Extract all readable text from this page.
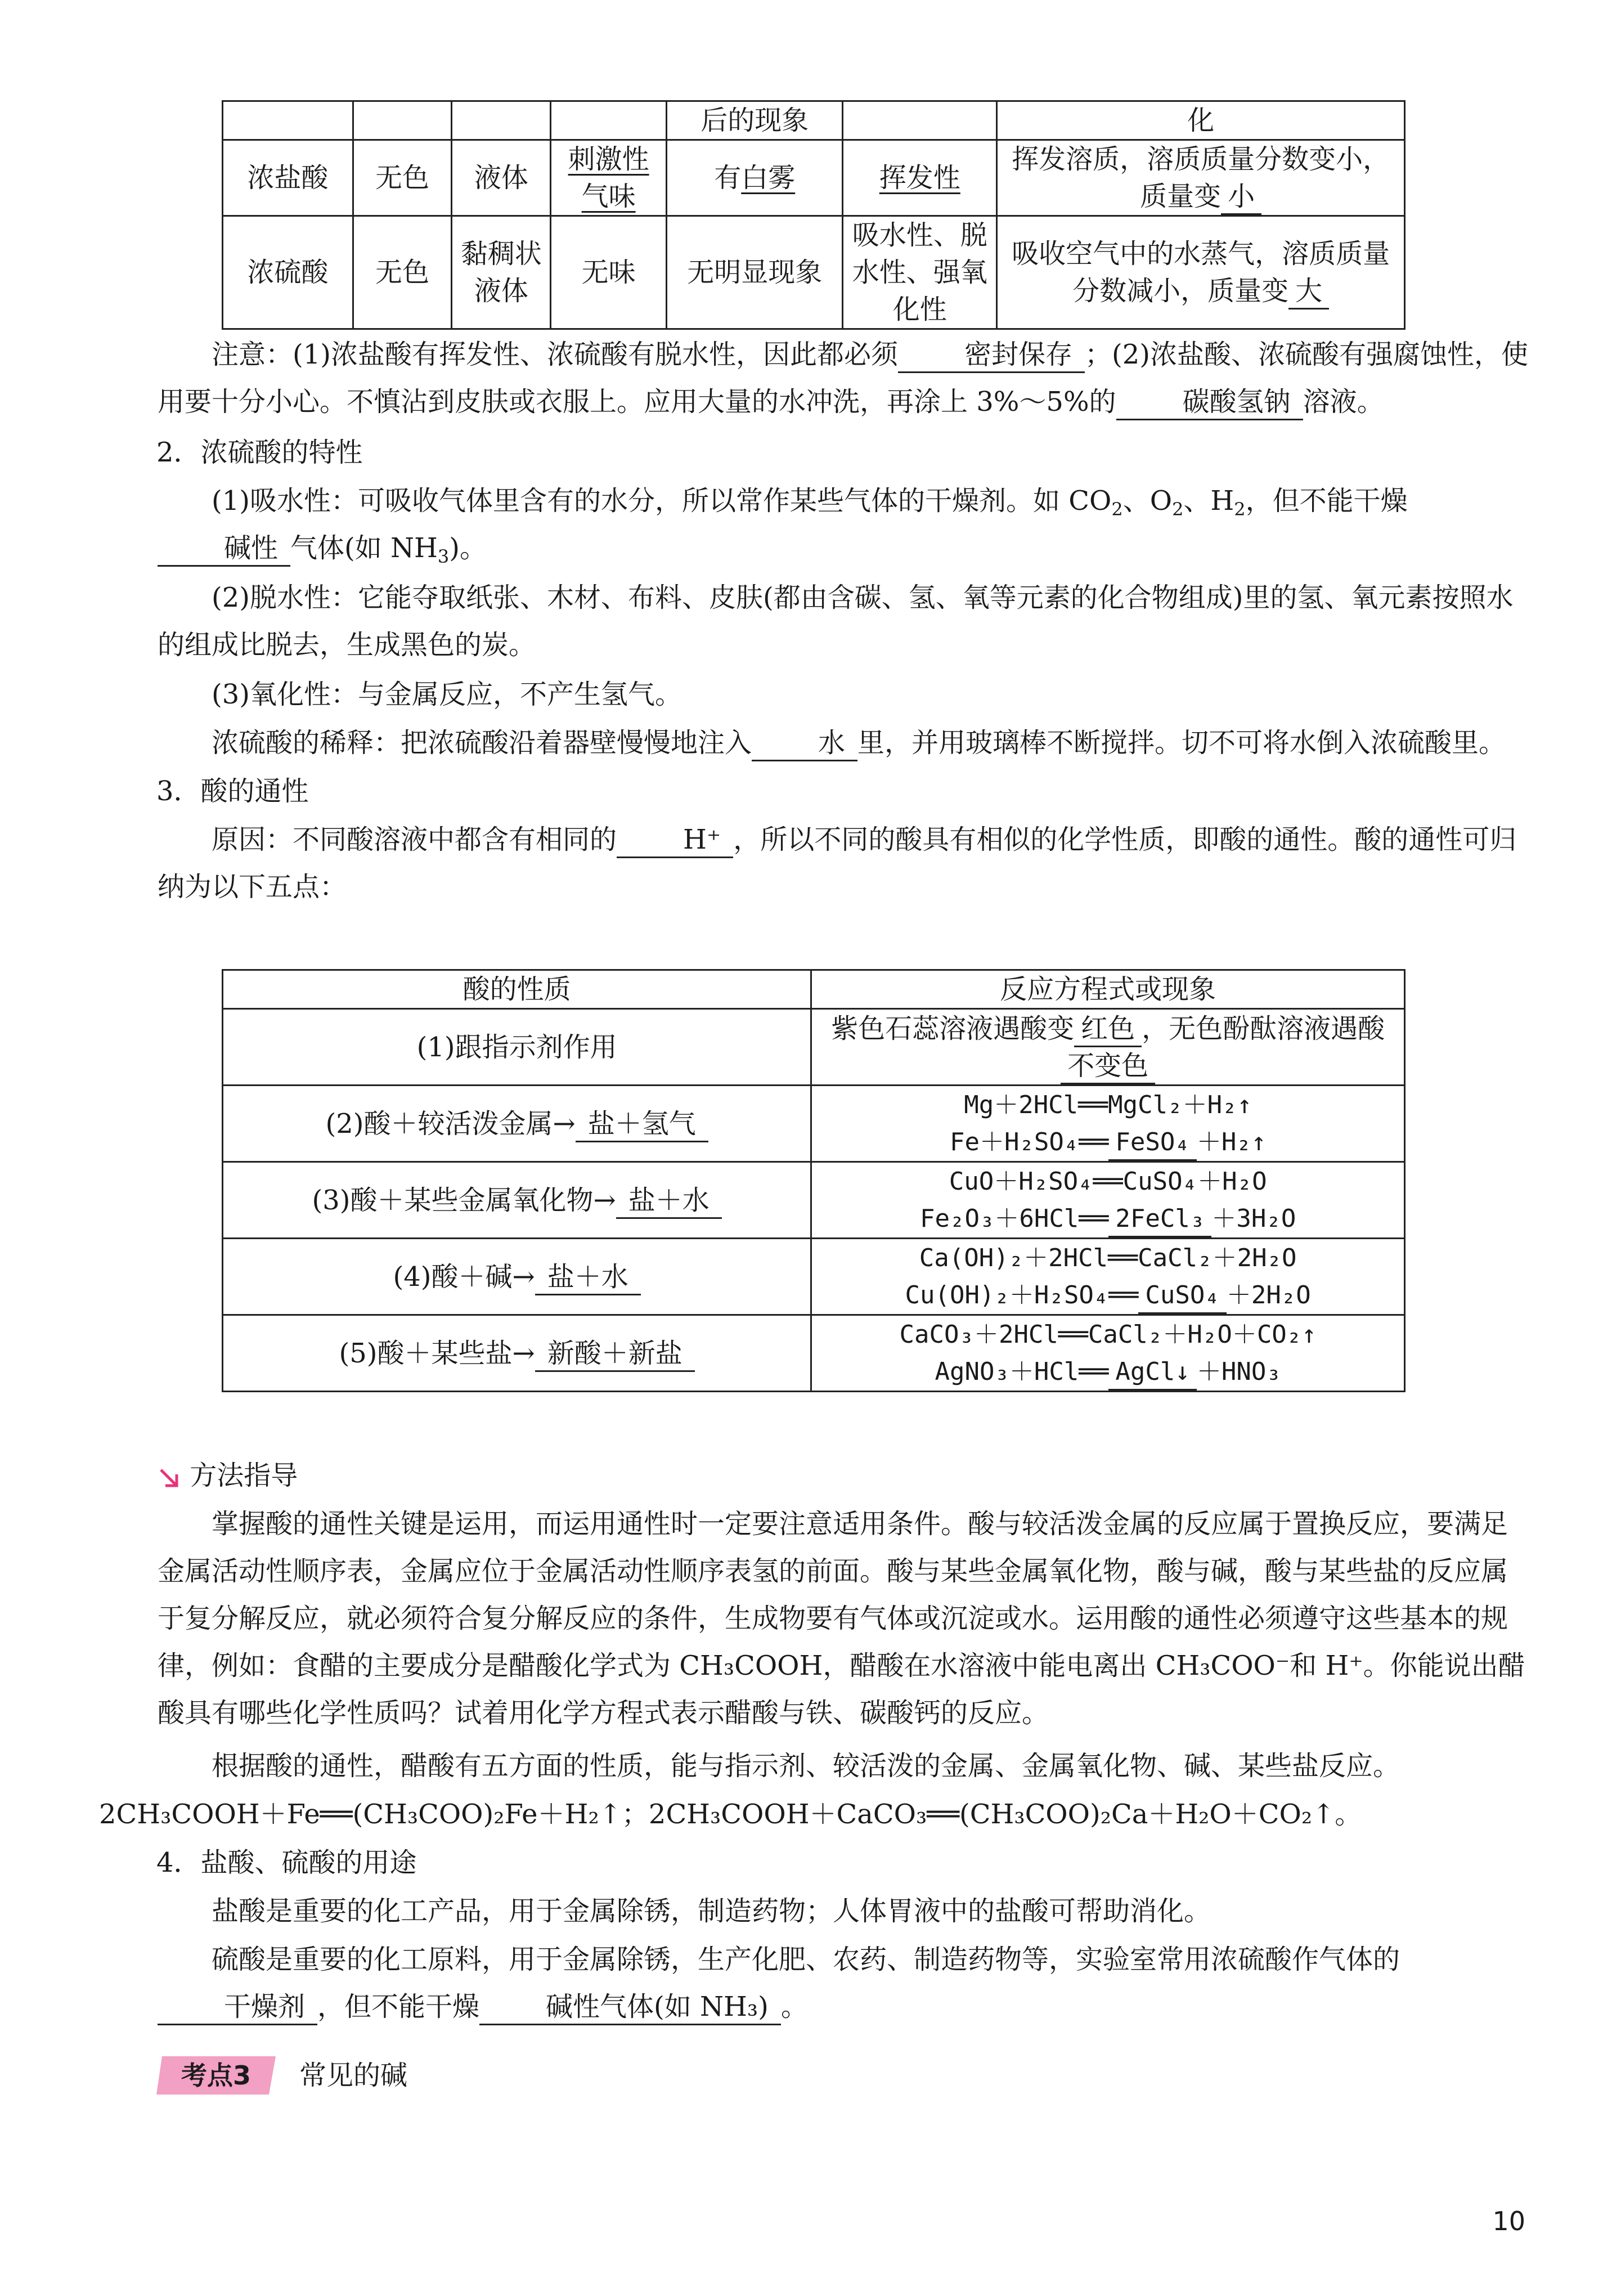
				后的现象		化
浓盐酸	无色	液体	刺激性气味	有白雾	挥发性	挥发溶质，溶质质量分数变小，质量变 小
浓硫酸	无色	黏稠状液体	无味	无明显现象	吸水性、脱水性、强氧化性	吸收空气中的水蒸气，溶质质量分数减小，质量变 大

注意：(1)浓盐酸有挥发性、浓硫酸有脱水性，因此都必须 密封保存 ；(2)浓盐酸、浓硫酸有强腐蚀性，使用要十分小心。不慎沾到皮肤或衣服上。应用大量的水冲洗，再涂上 3%～5%的 碳酸氢钠 溶液。

2．浓硫酸的特性

(1)吸水性：可吸收气体里含有的水分，所以常作某些气体的干燥剂。如 $CO_2$、$O_2$、$H_2$，但不能干燥碱性 气体(如 $NH_3$)。

(2)脱水性：它能夺取纸张、木材、布料、皮肤(都由含碳、氢、氧等元素的化合物组成)里的氢、氧元素按照水的组成比脱去，生成黑色的炭。

(3)氧化性：与金属反应，不产生氢气。

浓硫酸的稀释：把浓硫酸沿着器壁慢慢地注入 水 里，并用玻璃棒不断搅拌。切不可将水倒入浓硫酸里。

3．酸的通性

原因：不同酸溶液中都含有相同的 H⁺ ，所以不同的酸具有相似的化学性质，即酸的通性。酸的通性可归纳为以下五点：

酸的性质	反应方程式或现象
(1)跟指示剂作用	紫色石蕊溶液遇酸变 红色 ，无色酚酞溶液遇酸不变色
(2)酸＋较活泼金属→ 盐＋氢气	Mg＋2HCl══MgCl₂＋H₂↑
Fe＋H₂SO₄══ FeSO₄ ＋H₂↑

(3)酸＋某些金属氧化物→ 盐＋水	CuO＋H₂SO₄══CuSO₄＋H₂O
Fe₂O₃＋6HCl══ 2FeCl₃ ＋3H₂O

(4)酸＋碱→ 盐＋水	Ca(OH)₂＋2HCl══CaCl₂＋2H₂O
Cu(OH)₂＋H₂SO₄══ CuSO₄ ＋2H₂O

(5)酸＋某些盐→ 新酸＋新盐	CaCO₃＋2HCl══CaCl₂＋H₂O＋CO₂↑
AgNO₃＋HCl══ AgCl↓ ＋HNO₃
方法指导

掌握酸的通性关键是运用，而运用通性时一定要注意适用条件。酸与较活泼金属的反应属于置换反应，要满足金属活动性顺序表，金属应位于金属活动性顺序表氢的前面。酸与某些金属氧化物，酸与碱，酸与某些盐的反应属于复分解反应，就必须符合复分解反应的条件，生成物要有气体或沉淀或水。运用酸的通性必须遵守这些基本的规律，例如：食醋的主要成分是醋酸化学式为 CH₃COOH，醋酸在水溶液中能电离出 CH₃COO⁻和 H⁺。你能说出醋酸具有哪些化学性质吗？试着用化学方程式表示醋酸与铁、碳酸钙的反应。

根据酸的通性，醋酸有五方面的性质，能与指示剂、较活泼的金属、金属氧化物、碱、某些盐反应。

2CH₃COOH＋Fe══(CH₃COO)₂Fe＋H₂↑；2CH₃COOH＋CaCO₃══(CH₃COO)₂Ca＋H₂O＋CO₂↑。

4．盐酸、硫酸的用途

盐酸是重要的化工产品，用于金属除锈，制造药物；人体胃液中的盐酸可帮助消化。

硫酸是重要的化工原料，用于金属除锈，生产化肥、农药、制造药物等，实验室常用浓硫酸作气体的干燥剂 ，但不能干燥 碱性气体(如 NH₃) 。

考点3	常见的碱
10
